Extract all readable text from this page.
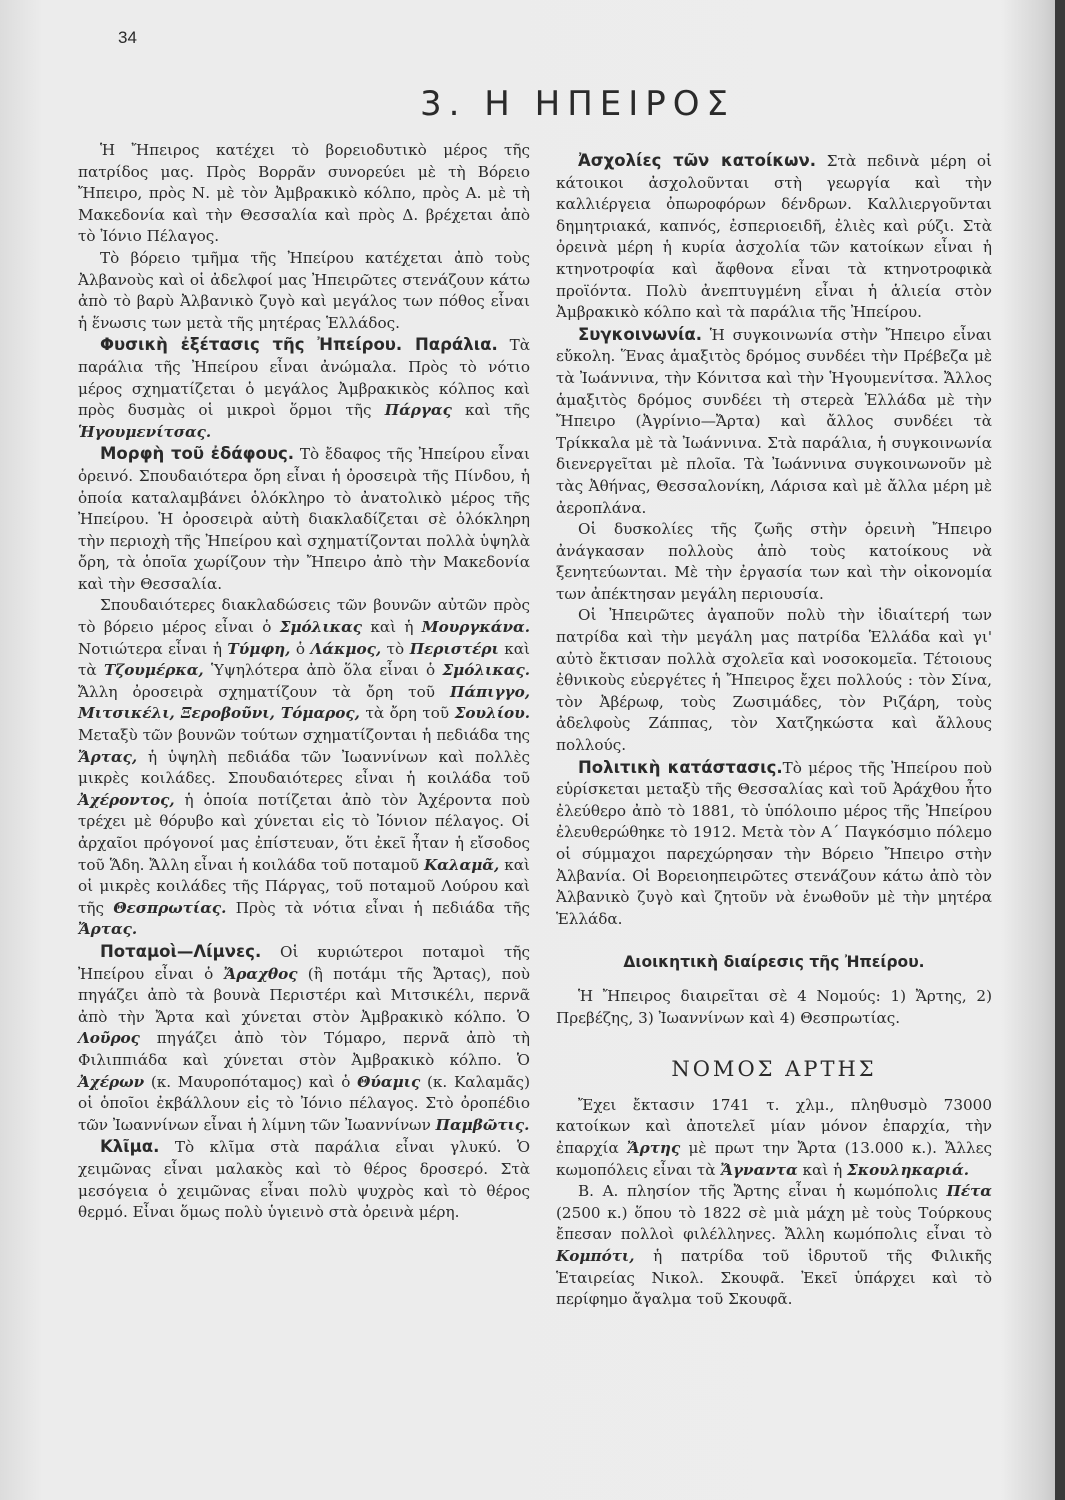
34
3. Η ΗΠΕΙΡΟΣ

Ἡ Ἤπειρος κατέχει τὸ βορειοδυτικὸ μέρος τῆς πατρίδος μας. Πρὸς Βορρᾶν συνορεύει μὲ τὴ Βόρειο Ἤπειρο, πρὸς Ν. μὲ τὸν Ἀμβρακικὸ κόλπο, πρὸς Α. μὲ τὴ Μακεδονία καὶ τὴν Θεσσαλία καὶ πρὸς Δ. βρέχεται ἀπὸ τὸ Ἰόνιο Πέλαγος.

Τὸ βόρειο τμῆμα τῆς Ἠπείρου κατέχεται ἀπὸ τοὺς Ἀλβανοὺς καὶ οἱ ἀδελφοί μας Ἠπειρῶτες στενάζουν κάτω ἀπὸ τὸ βαρὺ Ἀλβανικὸ ζυγὸ καὶ μεγάλος των πόθος εἶναι ἡ ἕνωσις των μετὰ τῆς μητέρας Ἑλλάδος.

Φυσικὴ ἐξέτασις τῆς Ἠπείρου. Παράλια. Τὰ παράλια τῆς Ἠπείρου εἶναι ἀνώμαλα. Πρὸς τὸ νότιο μέρος σχηματίζεται ὁ μεγάλος Ἀμβρακικὸς κόλπος καὶ πρὸς δυσμὰς οἱ μικροὶ ὅρμοι τῆς Πάργας καὶ τῆς Ἡγουμενίτσας.

Μορφὴ τοῦ ἐδάφους. Τὸ ἔδαφος τῆς Ἠπείρου εἶναι ὀρεινό. Σπουδαιότερα ὄρη εἶναι ἡ ὀροσειρὰ τῆς Πίνδου, ἡ ὁποία καταλαμβάνει ὁλόκληρο τὸ ἀνατολικὸ μέρος τῆς Ἠπείρου. Ἡ ὀροσειρὰ αὐτὴ διακλαδίζεται σὲ ὁλόκληρη τὴν περιοχὴ τῆς Ἠπείρου καὶ σχηματίζονται πολλὰ ὑψηλὰ ὄρη, τὰ ὁποῖα χωρίζουν τὴν Ἤπειρο ἀπὸ τὴν Μακεδονία καὶ τὴν Θεσσαλία.

Σπουδαιότερες διακλαδώσεις τῶν βουνῶν αὐτῶν πρὸς τὸ βόρειο μέρος εἶναι ὁ Σμόλικας καὶ ἡ Μουργκάνα. Νοτιώτερα εἶναι ἡ Τύμφη, ὁ Λάκμος, τὸ Περιστέρι καὶ τὰ Τζουμέρκα, Ὑψηλότερα ἀπὸ ὅλα εἶναι ὁ Σμόλικας. Ἄλλη ὀροσειρὰ σχηματίζουν τὰ ὄρη τοῦ Πάπιγγο, Μιτσικέλι, Ξεροβοῦνι, Τόμαρος, τὰ ὄρη τοῦ Σουλίου. Μεταξὺ τῶν βουνῶν τούτων σχηματίζονται ἡ πεδιάδα της Ἄρτας, ἡ ὑψηλὴ πεδιάδα τῶν Ἰωαννίνων καὶ πολλὲς μικρὲς κοιλάδες. Σπουδαιότερες εἶναι ἡ κοιλάδα τοῦ Ἀχέροντος, ἡ ὁποία ποτίζεται ἀπὸ τὸν Ἀχέροντα ποὺ τρέχει μὲ θόρυβο καὶ χύνεται εἰς τὸ Ἰόνιον πέλαγος. Οἱ ἀρχαῖοι πρόγονοί μας ἐπίστευαν, ὅτι ἐκεῖ ἦταν ἡ εἴσοδος τοῦ Ἅδη. Ἄλλη εἶναι ἡ κοιλάδα τοῦ ποταμοῦ Καλαμᾶ, καὶ οἱ μικρὲς κοιλάδες τῆς Πάργας, τοῦ ποταμοῦ Λούρου καὶ τῆς Θεσπρωτίας. Πρὸς τὰ νότια εἶναι ἡ πεδιάδα τῆς Ἄρτας.

Ποταμοὶ—Λίμνες. Οἱ κυριώτεροι ποταμοὶ τῆς Ἠπείρου εἶναι ὁ Ἄραχθος (ἢ ποτάμι τῆς Ἄρτας), ποὺ πηγάζει ἀπὸ τὰ βουνὰ Περιστέρι καὶ Μιτσικέλι, περνᾶ ἀπὸ τὴν Ἄρτα καὶ χύνεται στὸν Ἀμβρακικὸ κόλπο. Ὁ Λοῦρος πηγάζει ἀπὸ τὸν Τόμαρο, περνᾶ ἀπὸ τὴ Φιλιππιάδα καὶ χύνεται στὸν Ἀμβρακικὸ κόλπο. Ὁ Ἀχέρων (κ. Μαυροπόταμος) καὶ ὁ Θύαμις (κ. Καλαμᾶς) οἱ ὁποῖοι ἐκβάλλουν εἰς τὸ Ἰόνιο πέλαγος. Στὸ ὀροπέδιο τῶν Ἰωαννίνων εἶναι ἡ λίμνη τῶν Ἰωαννίνων Παμβῶτις.

Κλῖμα. Τὸ κλῖμα στὰ παράλια εἶναι γλυκύ. Ὁ χειμῶνας εἶναι μαλακὸς καὶ τὸ θέρος δροσερό. Στὰ μεσόγεια ὁ χειμῶνας εἶναι πολὺ ψυχρὸς καὶ τὸ θέρος θερμό. Εἶναι ὅμως πολὺ ὑγιεινὸ στὰ ὀρεινὰ μέρη.

Ἀσχολίες τῶν κατοίκων. Στὰ πεδινὰ μέρη οἱ κάτοικοι ἀσχολοῦνται στὴ γεωργία καὶ τὴν καλλιέργεια ὀπωροφόρων δένδρων. Καλλιεργοῦνται δημητριακά, καπνός, ἐσπεριοειδῆ, ἐλιὲς καὶ ρύζι. Στὰ ὀρεινὰ μέρη ἡ κυρία ἀσχολία τῶν κατοίκων εἶναι ἡ κτηνοτροφία καὶ ἄφθονα εἶναι τὰ κτηνοτροφικὰ προϊόντα. Πολὺ ἀνεπτυγμένη εἶναι ἡ ἁλιεία στὸν Ἀμβρακικὸ κόλπο καὶ τὰ παράλια τῆς Ἠπείρου.

Συγκοινωνία. Ἡ συγκοινωνία στὴν Ἤπειρο εἶναι εὔκολη. Ἕνας ἁμαξιτὸς δρόμος συνδέει τὴν Πρέβεζα μὲ τὰ Ἰωάννινα, τὴν Κόνιτσα καὶ τὴν Ἡγουμενίτσα. Ἄλλος ἁμαξιτὸς δρόμος συνδέει τὴ στερεὰ Ἑλλάδα μὲ τὴν Ἤπειρο (Ἀγρίνιο—Ἄρτα) καὶ ἄλλος συνδέει τὰ Τρίκκαλα μὲ τὰ Ἰωάννινα. Στὰ παράλια, ἡ συγκοινωνία διενεργεῖται μὲ πλοῖα. Τὰ Ἰωάννινα συγκοινωνοῦν μὲ τὰς Ἀθήνας, Θεσσαλονίκη, Λάρισα καὶ μὲ ἄλλα μέρη μὲ ἀεροπλάνα.

Οἱ δυσκολίες τῆς ζωῆς στὴν ὀρεινὴ Ἤπειρο ἀνάγκασαν πολλοὺς ἀπὸ τοὺς κατοίκους νὰ ξενητεύωνται. Μὲ τὴν ἐργασία των καὶ τὴν οἰκονομία των ἀπέκτησαν μεγάλη περιουσία.

Οἱ Ἠπειρῶτες ἀγαποῦν πολὺ τὴν ἰδιαίτερή των πατρίδα καὶ τὴν μεγάλη μας πατρίδα Ἑλλάδα καὶ γι' αὐτὸ ἔκτισαν πολλὰ σχολεῖα καὶ νοσοκομεῖα. Τέτοιους ἐθνικοὺς εὐεργέτες ἡ Ἤπειρος ἔχει πολλούς : τὸν Σίνα, τὸν Ἀβέρωφ, τοὺς Ζωσιμάδες, τὸν Ριζάρη, τοὺς ἀδελφοὺς Ζάππας, τὸν Χατζηκώστα καὶ ἄλλους πολλούς.

Πολιτικὴ κατάστασις.Τὸ μέρος τῆς Ἠπείρου ποὺ εὑρίσκεται μεταξὺ τῆς Θεσσαλίας καὶ τοῦ Ἀράχθου ἦτο ἐλεύθερο ἀπὸ τὸ 1881, τὸ ὑπόλοιπο μέρος τῆς Ἠπείρου ἐλευθερώθηκε τὸ 1912. Μετὰ τὸν Α΄ Παγκόσμιο πόλεμο οἱ σύμμαχοι παρεχώρησαν τὴν Βόρειο Ἤπειρο στὴν Ἀλβανία. Οἱ Βορειοηπειρῶτες στενάζουν κάτω ἀπὸ τὸν Ἀλβανικὸ ζυγὸ καὶ ζητοῦν νὰ ἑνωθοῦν μὲ τὴν μητέρα Ἑλλάδα.

Διοικητικὴ διαίρεσις τῆς Ἠπείρου.

Ἡ Ἤπειρος διαιρεῖται σὲ 4 Νομούς: 1) Ἄρτης, 2) Πρεβέζης, 3) Ἰωαννίνων καὶ 4) Θεσπρωτίας.

ΝΟΜΟΣ ΑΡΤΗΣ

Ἔχει ἔκτασιν 1741 τ. χλμ., πληθυσμὸ 73000 κατοίκων καὶ ἀποτελεῖ μίαν μόνον ἐπαρχία, τὴν ἐπαρχία Ἄρτης μὲ πρωτ την Ἄρτα (13.000 κ.). Ἄλλες κωμοπόλεις εἶναι τὰ Ἄγναντα καὶ ἡ Σκουληκαριά.

Β. Α. πλησίον τῆς Ἄρτης εἶναι ἡ κωμόπολις Πέτα (2500 κ.) ὅπου τὸ 1822 σὲ μιὰ μάχη μὲ τοὺς Τούρκους ἔπεσαν πολλοὶ φιλέλληνες. Ἄλλη κωμόπολις εἶναι τὸ Κομπότι, ἡ πατρίδα τοῦ ἱδρυτοῦ τῆς Φιλικῆς Ἑταιρείας Νικολ. Σκουφᾶ. Ἐκεῖ ὑπάρχει καὶ τὸ περίφημο ἄγαλμα τοῦ Σκουφᾶ.
